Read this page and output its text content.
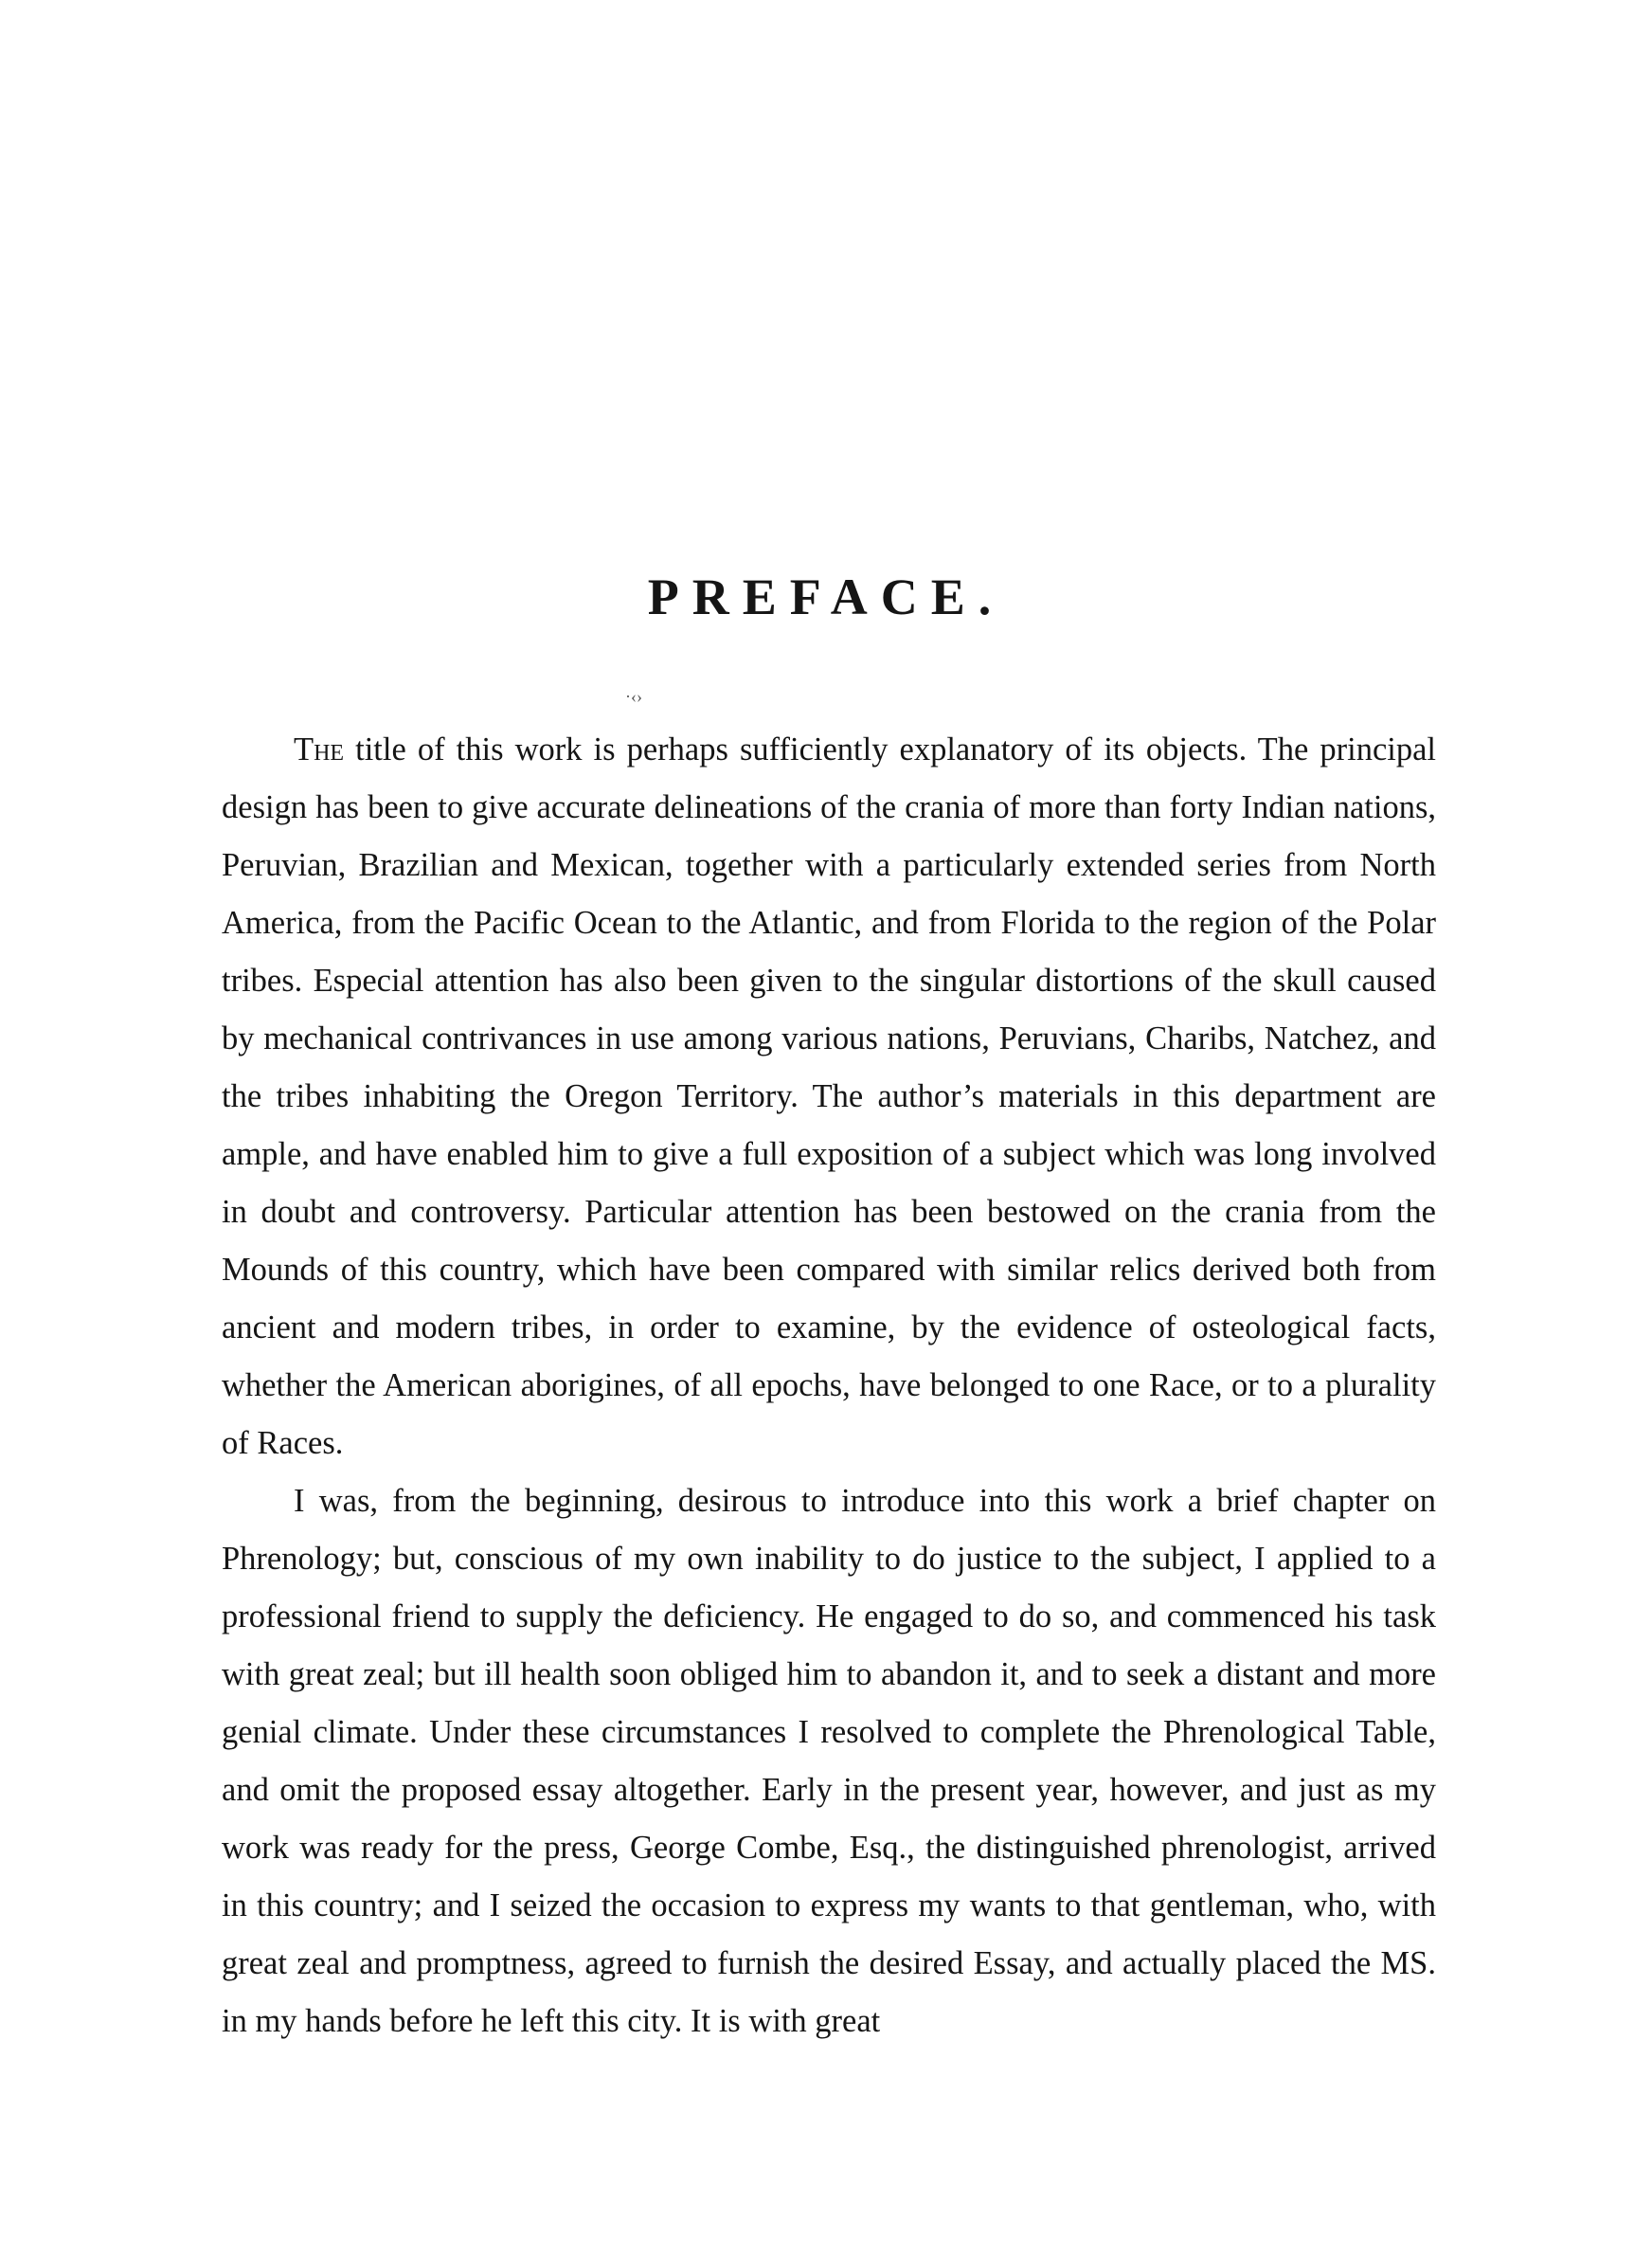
PREFACE.
·‹›

The title of this work is perhaps sufficiently explanatory of its objects. The principal design has been to give accurate delineations of the crania of more than forty Indian nations, Peruvian, Brazilian and Mexican, together with a particularly extended series from North America, from the Pacific Ocean to the Atlantic, and from Florida to the region of the Polar tribes. Especial attention has also been given to the singular distortions of the skull caused by mechanical contrivances in use among various nations, Peruvians, Charibs, Natchez, and the tribes inhabiting the Oregon Territory. The author’s materials in this department are ample, and have enabled him to give a full exposition of a subject which was long involved in doubt and controversy. Particular attention has been bestowed on the crania from the Mounds of this country, which have been compared with similar relics derived both from ancient and modern tribes, in order to examine, by the evidence of osteological facts, whether the American aborigines, of all epochs, have belonged to one Race, or to a plurality of Races.

I was, from the beginning, desirous to introduce into this work a brief chapter on Phrenology; but, conscious of my own inability to do justice to the subject, I applied to a professional friend to supply the deficiency. He engaged to do so, and commenced his task with great zeal; but ill health soon obliged him to abandon it, and to seek a distant and more genial climate. Under these circumstances I resolved to complete the Phrenological Table, and omit the proposed essay altogether. Early in the present year, however, and just as my work was ready for the press, George Combe, Esq., the distinguished phrenologist, arrived in this country; and I seized the occasion to express my wants to that gentleman, who, with great zeal and promptness, agreed to furnish the desired Essay, and actually placed the MS. in my hands before he left this city. It is with great
